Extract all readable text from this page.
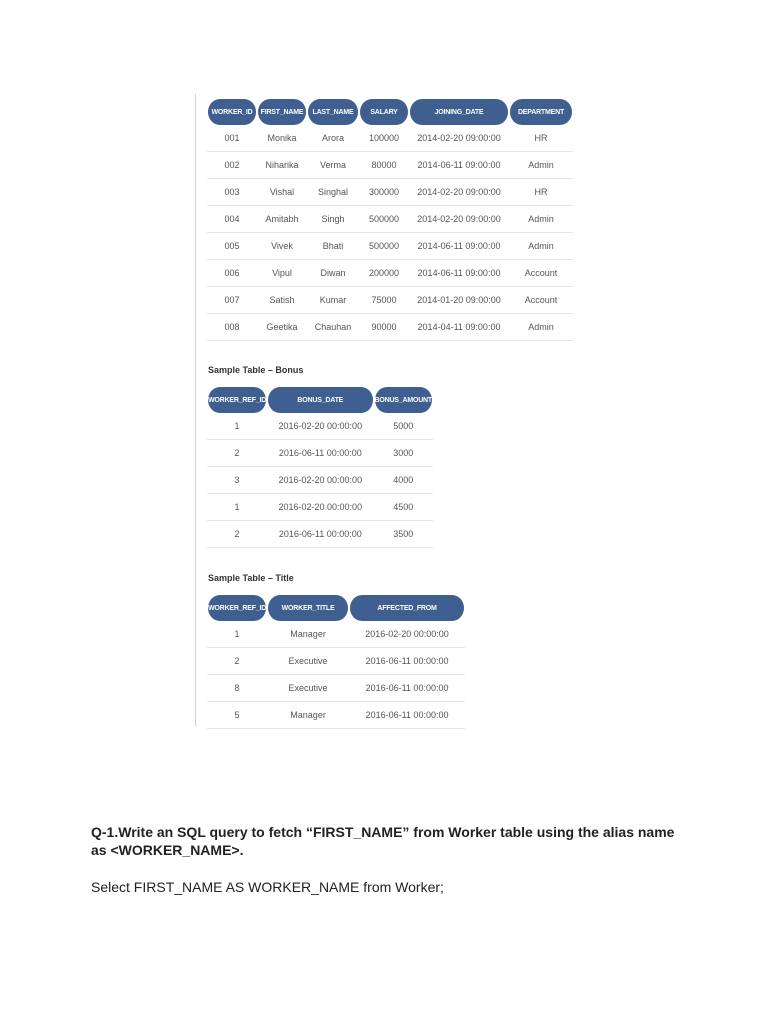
WORKER_ID	FIRST_NAME	LAST_NAME	SALARY	JOINING_DATE	DEPARTMENT
001	Monika	Arora	100000	2014-02-20 09:00:00	HR
002	Niharika	Verma	80000	2014-06-11 09:00:00	Admin
003	Vishal	Singhal	300000	2014-02-20 09:00:00	HR
004	Amitabh	Singh	500000	2014-02-20 09:00:00	Admin
005	Vivek	Bhati	500000	2014-06-11 09:00:00	Admin
006	Vipul	Diwan	200000	2014-06-11 09:00:00	Account
007	Satish	Kumar	75000	2014-01-20 09:00:00	Account
008	Geetika	Chauhan	90000	2014-04-11 09:00:00	Admin
Sample Table – Bonus
WORKER_REF_ID	BONUS_DATE	BONUS_AMOUNT
1	2016-02-20 00:00:00	5000
2	2016-06-11 00:00:00	3000
3	2016-02-20 00:00:00	4000
1	2016-02-20 00:00:00	4500
2	2016-06-11 00:00:00	3500
Sample Table – Title
WORKER_REF_ID	WORKER_TITLE	AFFECTED_FROM
1	Manager	2016-02-20 00:00:00
2	Executive	2016-06-11 00:00:00
8	Executive	2016-06-11 00:00:00
5	Manager	2016-06-11 00:00:00
Q-1.Write an SQL query to fetch “FIRST_NAME” from Worker table using the alias name as <WORKER_NAME>.
Select FIRST_NAME AS WORKER_NAME from Worker;
